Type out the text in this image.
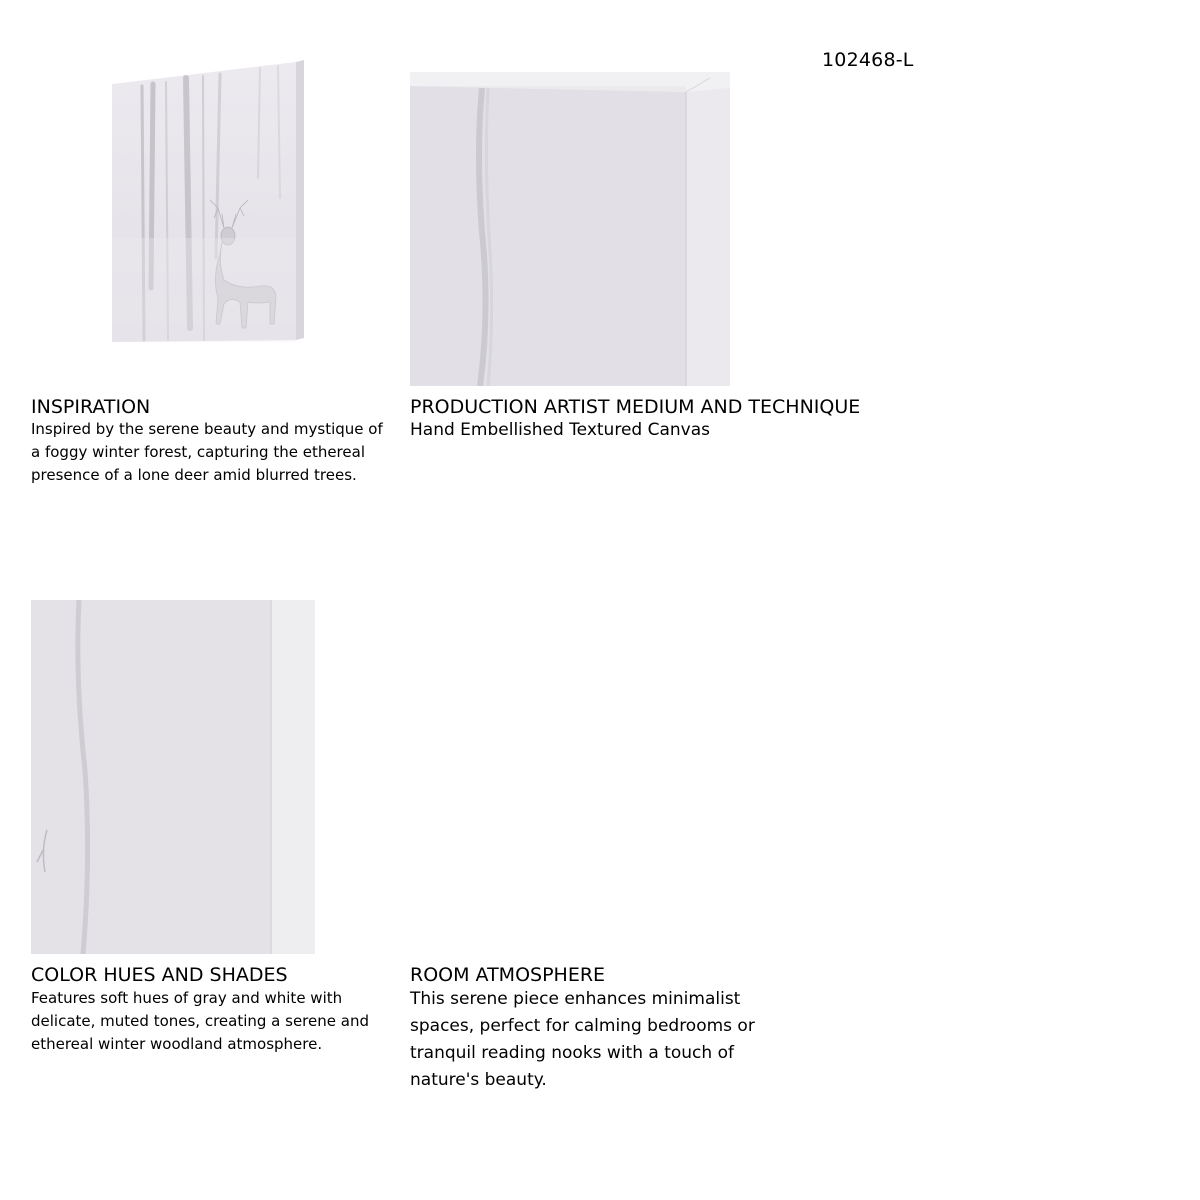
102468-L
INSPIRATION

Inspired by the serene beauty and mystique of a foggy winter forest, capturing the ethereal presence of a lone deer amid blurred trees.

PRODUCTION ARTIST MEDIUM AND TECHNIQUE

Hand Embellished Textured Canvas

COLOR HUES AND SHADES

Features soft hues of gray and white with delicate, muted tones, creating a serene and ethereal winter woodland atmosphere.

ROOM ATMOSPHERE

This serene piece enhances minimalist spaces, perfect for calming bedrooms or tranquil reading nooks with a touch of nature's beauty.
